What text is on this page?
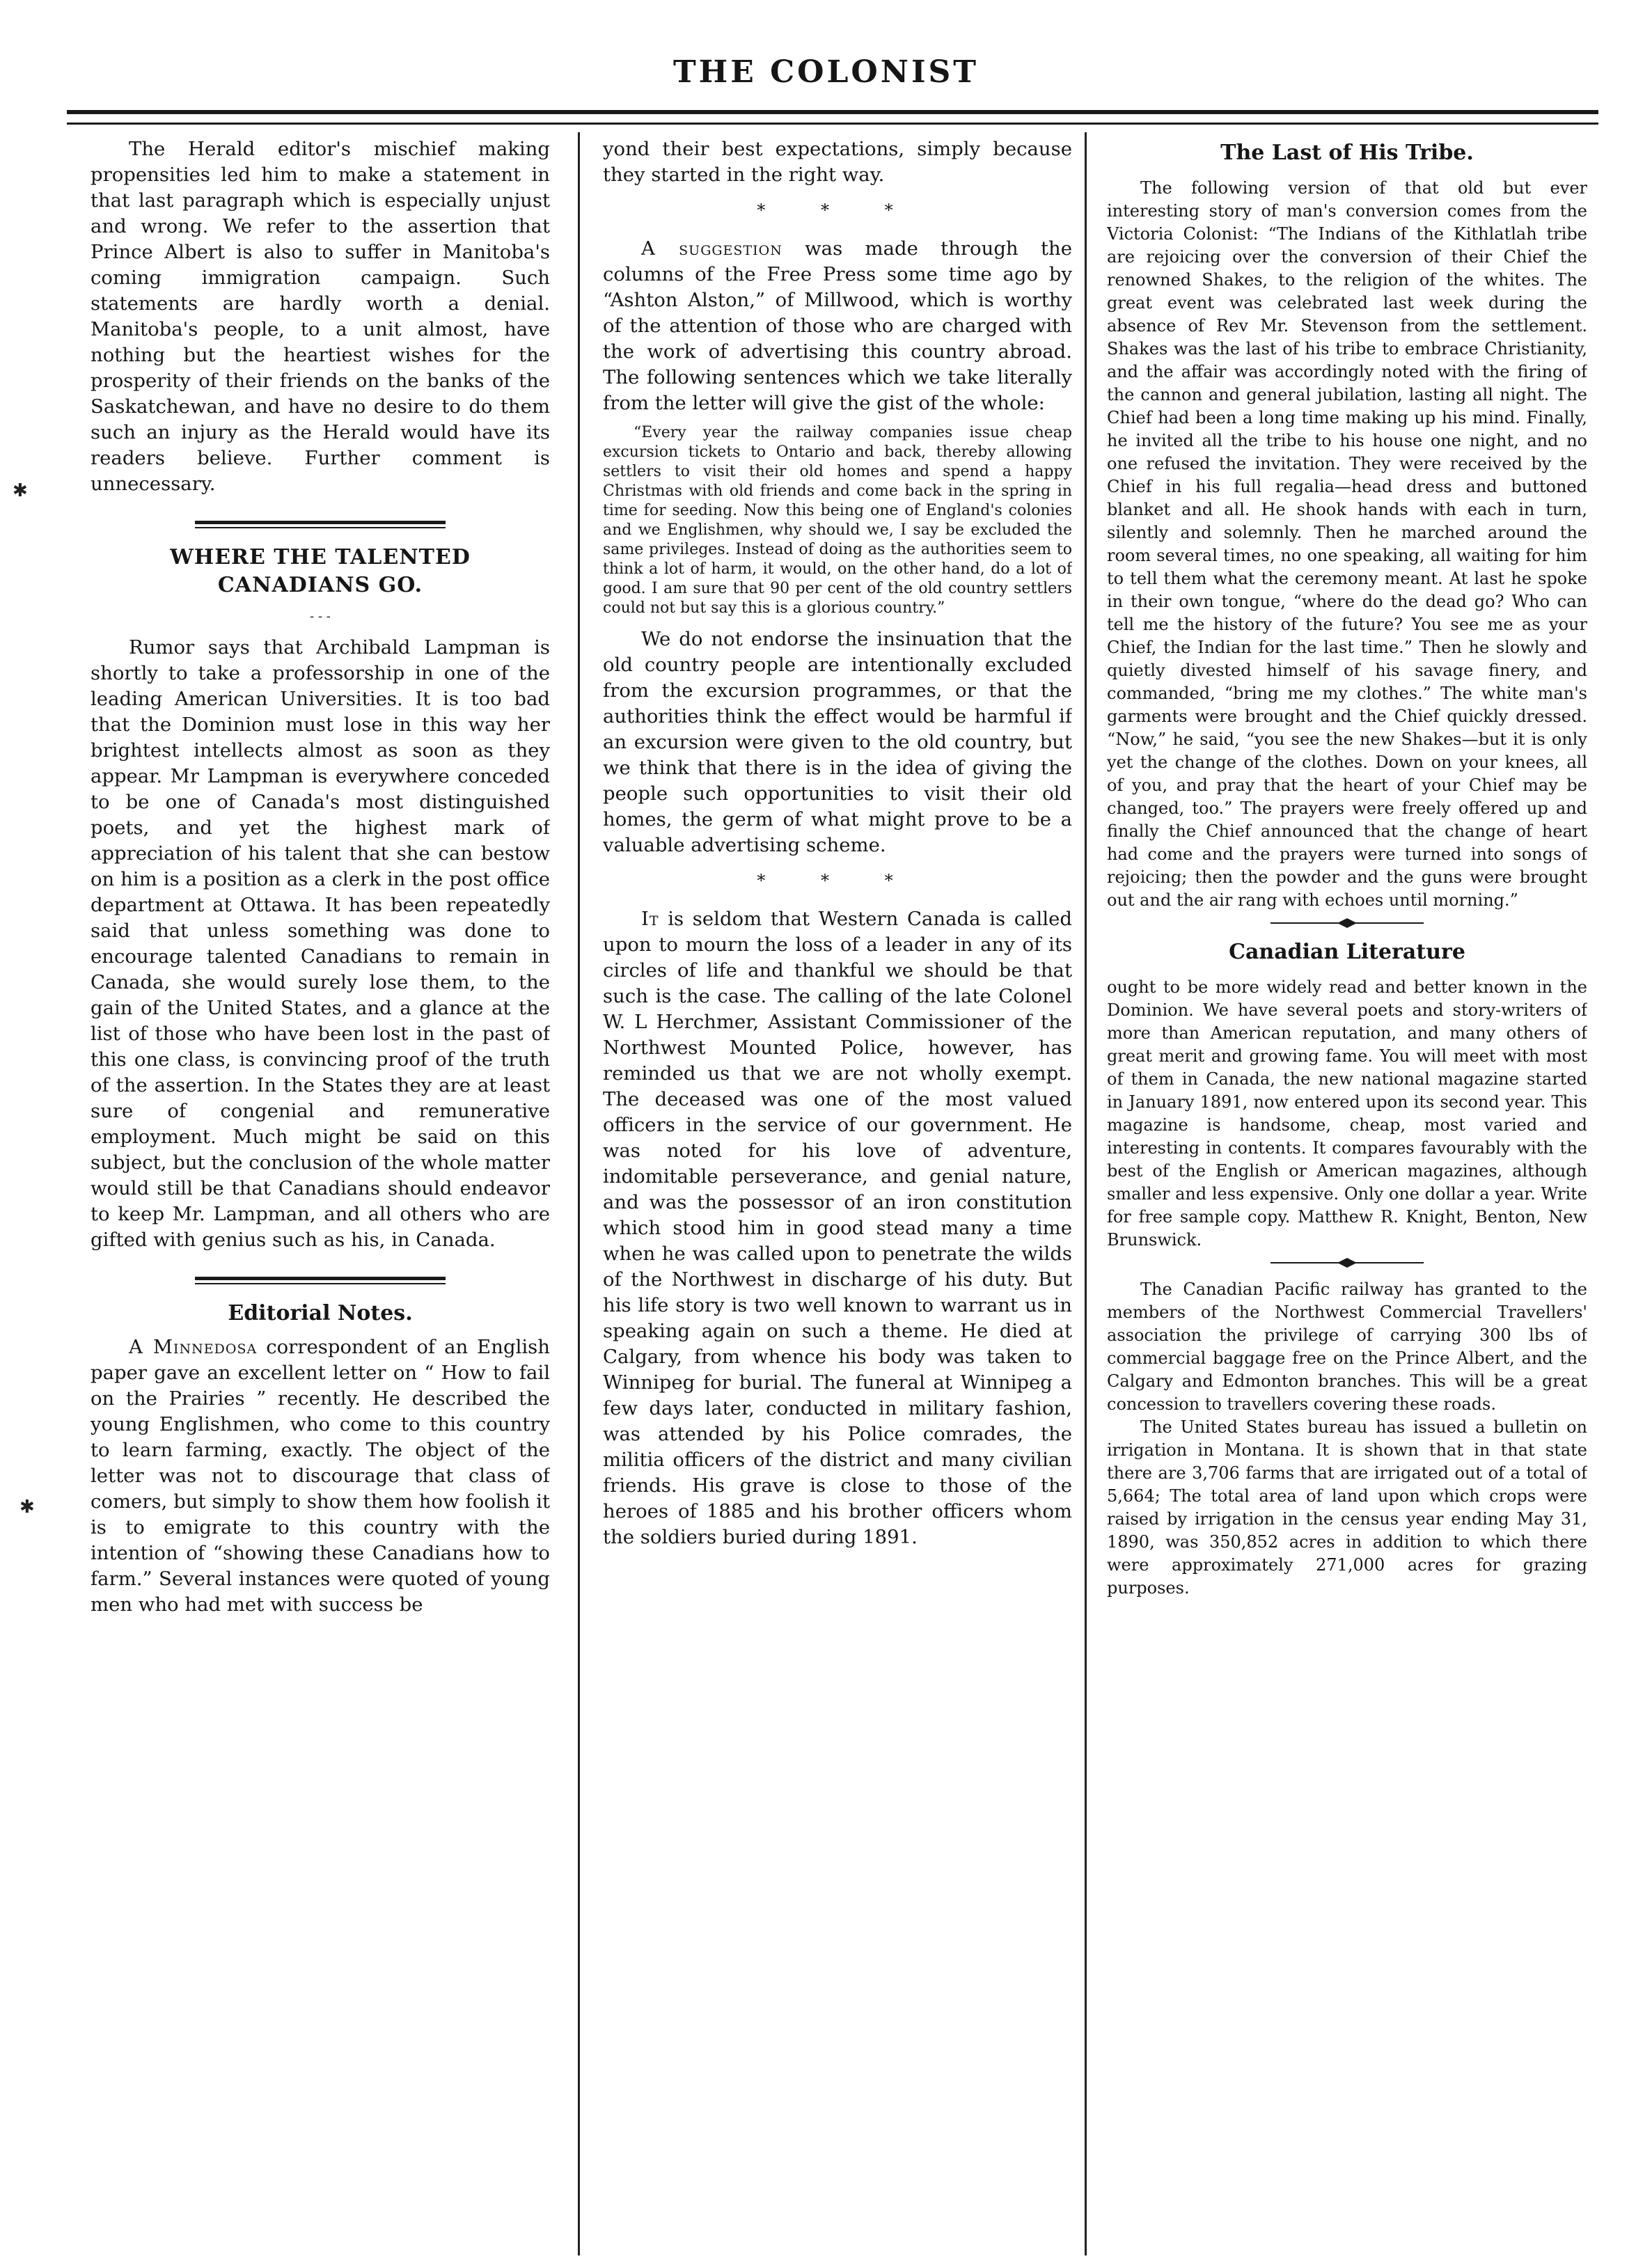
THE COLONIST
✱
✱

The Herald editor's mischief making propensities led him to make a statement in that last paragraph which is especially unjust and wrong. We refer to the assertion that Prince Albert is also to suffer in Manitoba's coming immigration campaign. Such statements are hardly worth a denial. Manitoba's people, to a unit almost, have nothing but the heartiest wishes for the prosperity of their friends on the banks of the Saskatchewan, and have no desire to do them such an injury as the Herald would have its readers believe. Further comment is unnecessary.

WHERE THE TALENTED CANADIANS GO.
- - -

Rumor says that Archibald Lampman is shortly to take a professorship in one of the leading American Universities. It is too bad that the Dominion must lose in this way her brightest intellects almost as soon as they appear. Mr Lampman is everywhere conceded to be one of Canada's most distinguished poets, and yet the highest mark of appreciation of his talent that she can bestow on him is a position as a clerk in the post office department at Ottawa. It has been repeatedly said that unless something was done to encourage talented Canadians to remain in Canada, she would surely lose them, to the gain of the United States, and a glance at the list of those who have been lost in the past of this one class, is convincing proof of the truth of the assertion. In the States they are at least sure of congenial and remunerative employment. Much might be said on this subject, but the conclusion of the whole matter would still be that Canadians should endeavor to keep Mr. Lampman, and all others who are gifted with genius such as his, in Canada.

Editorial Notes.

A Minnedosa correspondent of an English paper gave an excellent letter on “ How to fail on the Prairies ” recently. He described the young Englishmen, who come to this country to learn farming, exactly. The object of the letter was not to discourage that class of comers, but simply to show them how foolish it is to emigrate to this country with the intention of “showing these Canadians how to farm.” Several instances were quoted of young men who had met with success be

yond their best expectations, simply because they started in the right way.

* * *

A suggestion was made through the columns of the Free Press some time ago by “Ashton Alston,” of Millwood, which is worthy of the attention of those who are charged with the work of advertising this country abroad. The following sentences which we take literally from the letter will give the gist of the whole:

“Every year the railway companies issue cheap excursion tickets to Ontario and back, thereby allowing settlers to visit their old homes and spend a happy Christmas with old friends and come back in the spring in time for seeding. Now this being one of England's colonies and we Englishmen, why should we, I say be excluded the same privileges. Instead of doing as the authorities seem to think a lot of harm, it would, on the other hand, do a lot of good. I am sure that 90 per cent of the old country settlers could not but say this is a glorious country.”

We do not endorse the insinuation that the old country people are intentionally excluded from the excursion programmes, or that the authorities think the effect would be harmful if an excursion were given to the old country, but we think that there is in the idea of giving the people such opportunities to visit their old homes, the germ of what might prove to be a valuable advertising scheme.

* * *

It is seldom that Western Canada is called upon to mourn the loss of a leader in any of its circles of life and thankful we should be that such is the case. The calling of the late Colonel W. L Herchmer, Assistant Commissioner of the Northwest Mounted Police, however, has reminded us that we are not wholly exempt. The deceased was one of the most valued officers in the service of our government. He was noted for his love of adventure, indomitable perseverance, and genial nature, and was the possessor of an iron constitution which stood him in good stead many a time when he was called upon to penetrate the wilds of the Northwest in discharge of his duty. But his life story is two well known to warrant us in speaking again on such a theme. He died at Calgary, from whence his body was taken to Winnipeg for burial. The funeral at Winnipeg a few days later, conducted in military fashion, was attended by his Police comrades, the militia officers of the district and many civilian friends. His grave is close to those of the heroes of 1885 and his brother officers whom the soldiers buried during 1891.

The Last of His Tribe.

The following version of that old but ever interesting story of man's conversion comes from the Victoria Colonist: “The Indians of the Kithlatlah tribe are rejoicing over the conversion of their Chief the renowned Shakes, to the religion of the whites. The great event was celebrated last week during the absence of Rev Mr. Stevenson from the settlement. Shakes was the last of his tribe to embrace Christianity, and the affair was accordingly noted with the firing of the cannon and general jubilation, lasting all night. The Chief had been a long time making up his mind. Finally, he invited all the tribe to his house one night, and no one refused the invitation. They were received by the Chief in his full regalia—head dress and buttoned blanket and all. He shook hands with each in turn, silently and solemnly. Then he marched around the room several times, no one speaking, all waiting for him to tell them what the ceremony meant. At last he spoke in their own tongue, “where do the dead go? Who can tell me the history of the future? You see me as your Chief, the Indian for the last time.” Then he slowly and quietly divested himself of his savage finery, and commanded, “bring me my clothes.” The white man's garments were brought and the Chief quickly dressed. “Now,” he said, “you see the new Shakes—but it is only yet the change of the clothes. Down on your knees, all of you, and pray that the heart of your Chief may be changed, too.” The prayers were freely offered up and finally the Chief announced that the change of heart had come and the prayers were turned into songs of rejoicing; then the powder and the guns were brought out and the air rang with echoes until morning.”

Canadian Literature

ought to be more widely read and better known in the Dominion. We have several poets and story-writers of more than American reputation, and many others of great merit and growing fame. You will meet with most of them in Canada, the new national magazine started in January 1891, now entered upon its second year. This magazine is handsome, cheap, most varied and interesting in contents. It compares favourably with the best of the English or American magazines, although smaller and less expensive. Only one dollar a year. Write for free sample copy. Matthew R. Knight, Benton, New Brunswick.

The Canadian Pacific railway has granted to the members of the Northwest Commercial Travellers' association the privilege of carrying 300 lbs of commercial baggage free on the Prince Albert, and the Calgary and Edmonton branches. This will be a great concession to travellers covering these roads.

The United States bureau has issued a bulletin on irrigation in Montana. It is shown that in that state there are 3,706 farms that are irrigated out of a total of 5,664; The total area of land upon which crops were raised by irrigation in the census year ending May 31, 1890, was 350,852 acres in addition to which there were approximately 271,000 acres for grazing purposes.
